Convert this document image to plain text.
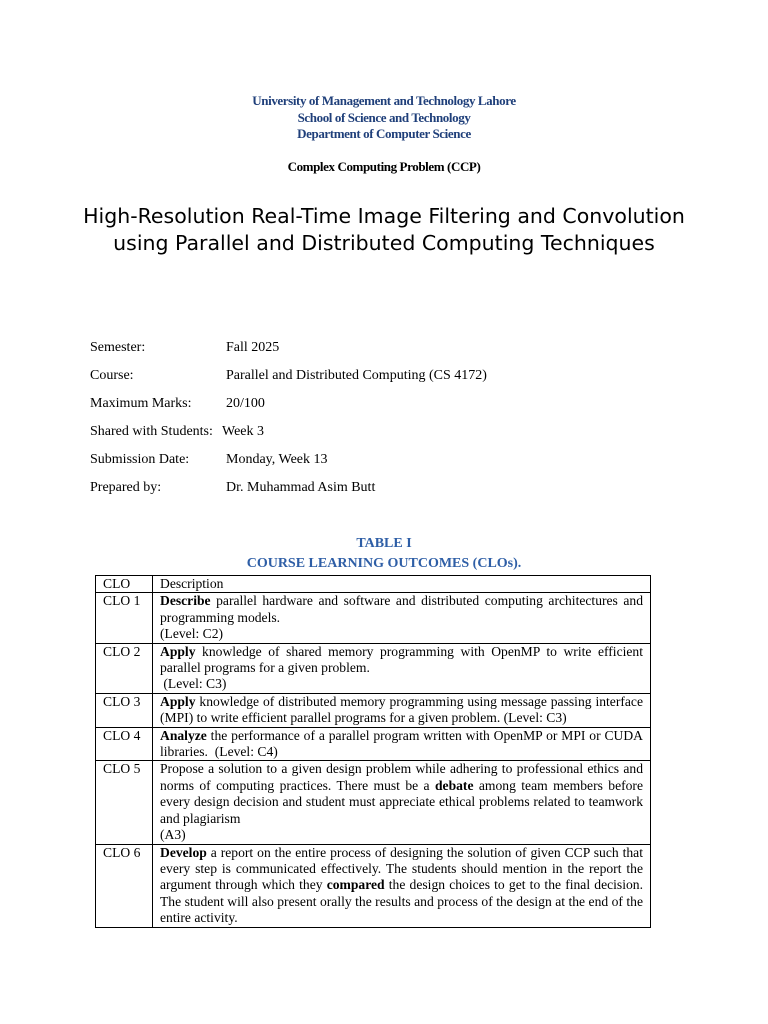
University of Management and Technology Lahore
School of Science and Technology
Department of Computer Science
Complex Computing Problem (CCP)
High-Resolution Real-Time Image Filtering and Convolution using Parallel and Distributed Computing Techniques
Semester:	Fall 2025
Course:	Parallel and Distributed Computing (CS 4172)
Maximum Marks: 20/100
Shared with Students: Week 3
Submission Date:	Monday, Week 13
Prepared by:	Dr. Muhammad Asim Butt
TABLE I
COURSE LEARNING OUTCOMES (CLOs).
CLO	Description
CLO 1	Describe parallel hardware and software and distributed computing architectures and programming models.
(Level: C2)

CLO 2	Apply knowledge of shared memory programming with OpenMP to write efficient parallel programs for a given problem.
(Level: C3)

CLO 3	Apply knowledge of distributed memory programming using message passing interface (MPI) to write efficient parallel programs for a given problem. (Level: C3)
CLO 4	Analyze the performance of a parallel program written with OpenMP or MPI or CUDA libraries.  (Level: C4)
CLO 5	Propose a solution to a given design problem while adhering to professional ethics and norms of computing practices. There must be a debate among team members before every design decision and student must appreciate ethical problems related to teamwork and plagiarism
(A3)

CLO 6	Develop a report on the entire process of designing the solution of given CCP such that every step is communicated effectively. The students should mention in the report the argument through which they compared the design choices to get to the final decision. The student will also present orally the results and process of the design at the end of the entire activity.
